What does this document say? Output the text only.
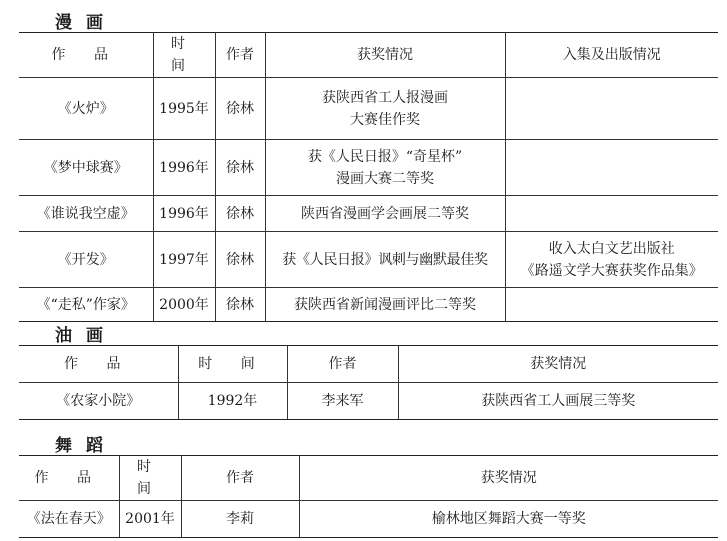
漫画
作 品	时 间	作者	获奖情况	入集及出版情况
《火炉》	1995年	徐林	获陕西省工人报漫画
大赛佳作奖	

《梦中球赛》	1996年	徐林	获《人民日报》“奇星杯”
漫画大赛二等奖	

《谁说我空虚》	1996年	徐林	陕西省漫画学会画展二等奖	
《开发》	1997年	徐林	获《人民日报》讽刺与幽默最佳奖	收入太白文艺出版社
《路遥文学大赛获奖作品集》

《“走私”作家》	2000年	徐林	获陕西省新闻漫画评比二等奖	
油画
作 品	时 间	作者	获奖情况
《农家小院》	1992年	李来军	获陕西省工人画展三等奖
舞蹈
作 品	时 间	作者	获奖情况
《法在春天》	2001年	李莉	榆林地区舞蹈大赛一等奖
